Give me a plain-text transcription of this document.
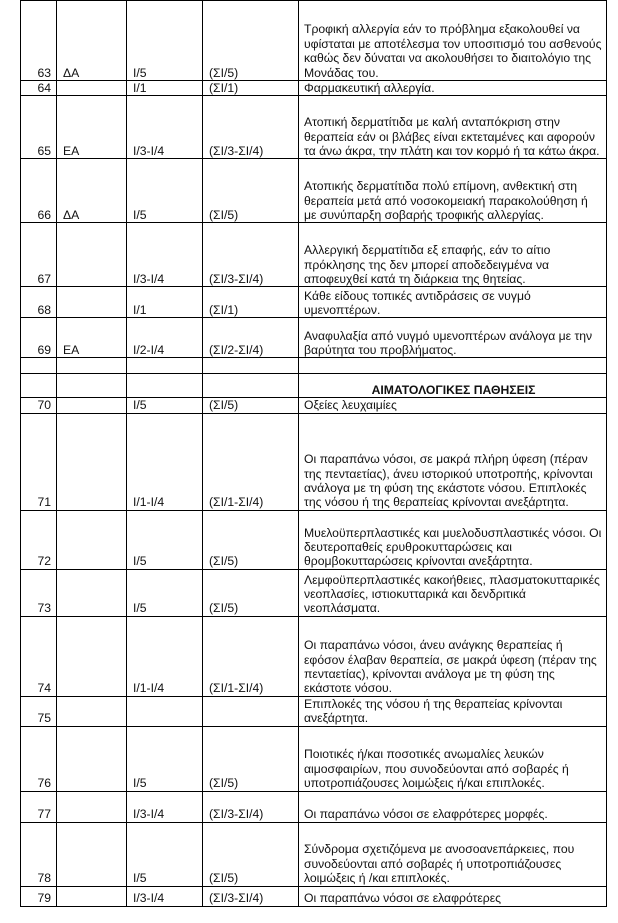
63	ΔΑ	I/5	(ΣΙ/5)	Τροφική αλλεργία εάν το πρόβλημα εξακολουθεί να υφίσταται με αποτέλεσμα τον υποσιτισμό του ασθενούς καθώς δεν δύναται να ακολουθήσει το διαιτολόγιο της Μονάδας του.
64		I/1	(ΣΙ/1)	Φαρμακευτική αλλεργία.
65	ΕΑ	I/3-I/4	(ΣΙ/3-ΣΙ/4)	Ατοπική δερματίτιδα με καλή ανταπόκριση στην θεραπεία εάν οι βλάβες είναι εκτεταμένες και αφορούν τα άνω άκρα, την πλάτη και τον κορμό ή τα κάτω άκρα.
66	ΔΑ	I/5	(ΣΙ/5)	Ατοπικής δερματίτιδα πολύ επίμονη, ανθεκτική στη θεραπεία μετά από νοσοκομειακή παρακολούθηση ή με συνύπαρξη σοβαρής τροφικής αλλεργίας.
67		I/3-I/4	(ΣΙ/3-ΣΙ/4)	Αλλεργική δερματίτιδα εξ επαφής, εάν το αίτιο πρόκλησης της δεν μπορεί αποδεδειγμένα να αποφευχθεί κατά τη διάρκεια της θητείας.
68		I/1	(ΣΙ/1)	Κάθε είδους τοπικές αντιδράσεις σε νυγμό υμενοπτέρων.
69	ΕΑ	I/2-I/4	(ΣΙ/2-ΣΙ/4)	Αναφυλαξία από νυγμό υμενοπτέρων ανάλογα με την βαρύτητα του προβλήματος.

				ΑΙΜΑΤΟΛΟΓΙΚΕΣ ΠΑΘΗΣΕΙΣ
70		I/5	(ΣΙ/5)	Οξείες λευχαιμίες
71		I/1-I/4	(ΣΙ/1-ΣΙ/4)	Οι παραπάνω νόσοι, σε μακρά πλήρη ύφεση (πέραν της πενταετίας), άνευ ιστορικού υποτροπής, κρίνονται ανάλογα με τη φύση της εκάστοτε νόσου. Επιπλοκές της νόσου ή της θεραπείας κρίνονται ανεξάρτητα.
72		I/5	(ΣΙ/5)	Μυελοϋπερπλαστικές και μυελοδυσπλαστικές νόσοι. Οι δευτεροπαθείς ερυθροκυτταρώσεις και θρομβοκυτταρώσεις κρίνονται ανεξάρτητα.
73		I/5	(ΣΙ/5)	Λεμφοϋπερπλαστικές κακοήθειες, πλασματοκυτταρικές νεοπλασίες, ιστιοκυτταρικά και δενδριτικά νεοπλάσματα.
74		I/1-I/4	(ΣΙ/1-ΣΙ/4)	Οι παραπάνω νόσοι, άνευ ανάγκης θεραπείας ή εφόσον έλαβαν θεραπεία, σε μακρά ύφεση (πέραν της πενταετίας), κρίνονται ανάλογα με τη φύση της εκάστοτε νόσου.
75				Επιπλοκές της νόσου ή της θεραπείας κρίνονται ανεξάρτητα.
76		I/5	(ΣΙ/5)	Ποιοτικές ή/και ποσοτικές ανωμαλίες λευκών αιμοσφαιρίων, που συνοδεύονται από σοβαρές ή υποτροπιάζουσες λοιμώξεις ή/και επιπλοκές.
77		I/3-I/4	(ΣΙ/3-ΣΙ/4)	Οι παραπάνω νόσοι σε ελαφρότερες μορφές.
78		I/5	(ΣΙ/5)	Σύνδρομα σχετιζόμενα με ανοσοανεπάρκειες, που συνοδεύονται από σοβαρές ή υποτροπιάζουσες λοιμώξεις ή /και επιπλοκές.
79		I/3-I/4	(ΣΙ/3-ΣΙ/4)	Οι παραπάνω νόσοι σε ελαφρότερες
